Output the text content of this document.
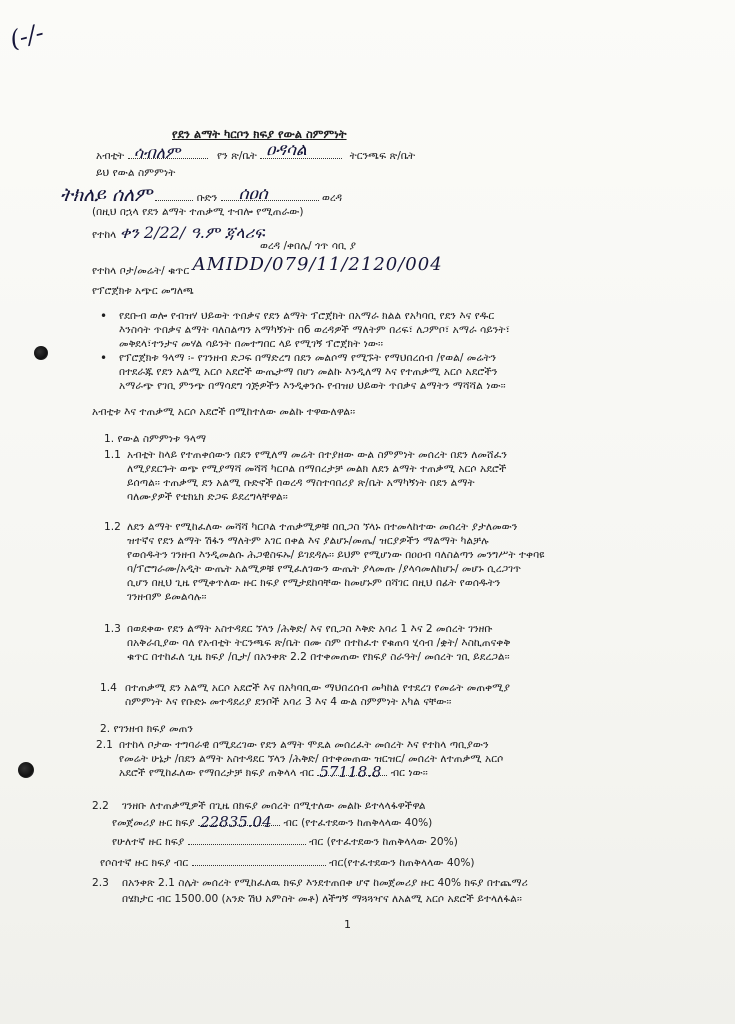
(-/-
የደን ልማት ካርቦን ክፍያ የውል ስምምነት
አብቲት ሳብለም	የን ጽ/ቤት ዐዳሳል	ትርንጫፍ ጽ/ቤት
ይህ የውል ስምምነት
ትክለይ ሰለም	ቡድን ሰዐሰ	ወረዳ
(በዚህ በኋላ የደን ልማት ተጠቃሚ ተብሎ የሚጠራው)
የተከላ ቀን 2/22/ ዓ.ም ጃላሪፍ
ወረዳ /ቀበሌ/ ጎጥ ሳቢ ያ
የተከላ ቦታ/መሬት/ ቁጥር AMIDD/079/11/2120/004
የፕሮጀክቱ አጭር መግለጫ
• የደቡብ ወሎ የብዝሃ ህይወት ጥበቃና የደን ልማት ፕሮጀክት በአማራ ክልል የአካባቢ የደን እና የዱር
እንስሳት ጥበቃና ልማት ባለስልጣን አማካኝነት በ6 ወረዳዎች ማለትም በሪፍ፣ ለጋምቦ፣ አማራ ሳይንት፣
መቅደላ፣ተንታና መሃል ሳይንት በመተግበር ላይ የሚገኝ ፕሮጀክት ነው፡፡
• የፕሮጀክቱ ዓላማ ፡- የገንዘብ ድጋፍ በማድረግ በደን መልሶማ የሚኙት የማህበረሰብ /የወል/ መሬትን
በተደራጁ የደን አልሚ አርሶ አደሮች ውጤታማ በሆነ መልኩ እንዲለማ እና የተጠቃሚ አርሶ አደሮችን
አማራጭ የገቢ ምንጭ በማሳደግ ጎጅዎችን እንዲቀንሱ የብዝሀ ህይወት ጥበቃና ልማትን ማሻሻል ነው፡፡
አብቲቱ እና ተጠቃሚ አርሶ አደሮች በሚከተለው መልኩ ተዋውለዋል፡፡
1. የውል ስምምነቱ ዓላማ
1.1 አብቲት ከላይ የተጠቀሰውን በደን የሚለማ መሬት በተያዘው ውል ስምምነት መሰረት በደን ለመሸፈን
ለሚያደርጉት ወጭ የሚያማሻ መሻሻ ካርቦል በማበረታቻ መልክ ለደን ልማት ተጠቃሚ አርሶ አደሮች
ይሰጣል፡፡ ተጠቃሚ ደን አልሚ ቡድኖች በወረዳ ማስተባበሪያ ጽ/ቤት አማካኝነት በደን ልማት
ባለሙያዎች የቴክኒክ ድጋፍ ይደረግላቸዋል፡፡
1.2 ለደን ልማት የሚከፈለው መሻሻ ካርቦል ተጠቃሚዎቹ በቢጋስ ኘላኑ በተመላከተው መሰረት ያታለመውን
ዝተኛና የደን ልማት ሽፋን ማለትም አገር በቀል እና ያልሆኑ/መጤ/ ዝርያዎችን ማልማት ካልቻሉ
የወሰዱትን ገንዘብ እንዲመልሱ ሕጋዊስፍኡ/ ይገደዳሉ፡፡ ይህም የሚሆነው በዐዐብ ባለስልጣን መንግሥት ተቀባዩ
ባ/ፕሮግራሙ/አዲት ውጤት አልሚዎቹ የሚፈለገውን ውጤት ያላመጡ /ያላሳመለከሆኑ/ መሆኑ ሲረጋገጥ
ሲሆን በዚህ ጊዜ የሚቀጥለው ዙር ክፍያ የሚታደከባቸው ከመሆኑም በሻገር በዚህ በፊት የወሰዱትን
ገንዘብም ይመልሳሉ፡፡
1.3 በወደቀው የደን ልማት አስተዳደር ኘላን /ሕቅድ/ እና የቢጋስ እቅድ አባሪ 1 እና 2 መሰረት ገንዘቡ
በአቅራቢያው ባለ የአብቲት ትርንጫፍ ጽ/ቤት በሙ ስም በተከፈተ የቁጠባ ሂሳብ /ቋት/ እስኪጠናቀቅ
ቁጥር በተከፈለ ጊዜ ክፍያ /ቢታ/ በአንቀጽ 2.2 በተቀመጠው የክፍያ ስራዓት/ መሰረት ገቢ ይደረጋል፡፡
1.4 በተጠቃሚ ደን አልሚ አርሶ አደሮች እና በአካባቢው ማህበረሰብ መካከል የተደረገ የመሬት መጠቀሚያ
ስምምነት እና የቡድኑ መተዳደሪያ ደንቦች አባሪ 3 እና 4 ውል ስምምነት አካል ናቸው፡፡
2. የገንዘብ ክፍያ መጠን
2.1 በተከላ ቦታው ተግባራዊ በሚደረገው የደን ልማት ሞዴል መሰረፈት መሰረት እና የተከላ ጣቢያውን
የመሬት ሁኔታ /በደን ልማት አስተዳደር ኘላን /ሕቅድ/ በተቀመጠው ዝርዝር/ መሰረት ለተጠቃሚ አርሶ
አደሮች የሚከፈለው የማበረታቻ ክፍያ ጠቅላላ ብር 57118.8 ብር ነው፡፡
2.2 ገንዘቡ ለተጠቃሚዎች በጊዜ በክፍያ መሰረት በሚተለው መልኩ ይተላላፋዋችዋል
የመጀመሪያ ዙር ክፍያ 22835.04 ብር (የተፈተደውን ከጠቅላላው 40%)
የሁለተኛ ዙር ክፍያ	ብር (የተፈተደውን ከጠቅላላው 20%)
የሶስተኛ ዙር ክፍያ ብር	ብር(የተፈተደውን ከጠቅላላው 40%)
2.3 በአንቀጽ 2.1 ስሌት መሰረት የሚከፈለዉ ክፍያ እንደተጠበቀ ሆኖ ከመጀመሪያ ዙር 40% ክፍያ በተጨማሪ
በሄክታር ብር 1500.00 (አንድ ሽህ አምስት መቶ) ለችግኝ ማጓጓዣና ለአልሚ አርሶ አደሮች ይተላለፋል፡፡
1
